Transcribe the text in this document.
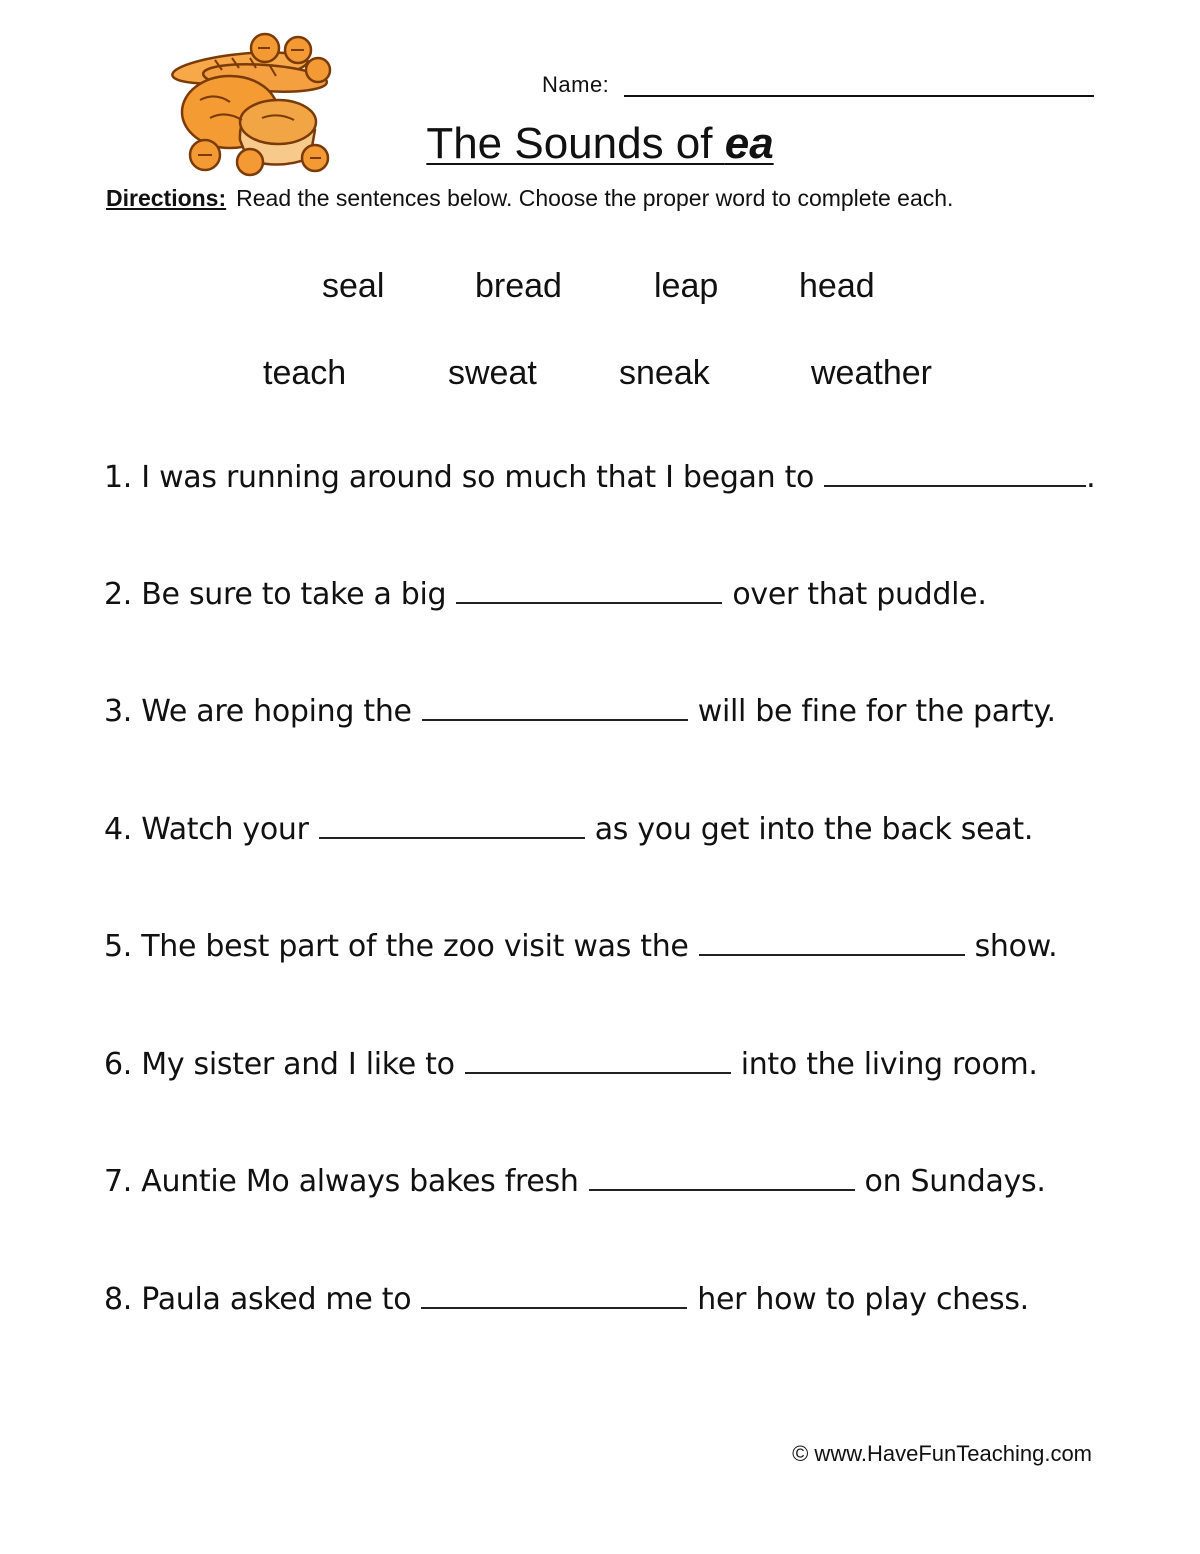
Name:
The Sounds of ea
Directions: Read the sentences below. Choose the proper word to complete each.
seal	bread	leap head
teach	sweat sneak	weather
1. I was running around so much that I began to	.
2. Be sure to take a big	over that puddle.
3. We are hoping the	will be fine for the party.
4. Watch your	as you get into the back seat.
5. The best part of the zoo visit was the	show.
6. My sister and I like to	into the living room.
7. Auntie Mo always bakes fresh	on Sundays.
8. Paula asked me to	her how to play chess.
© www.HaveFunTeaching.com
